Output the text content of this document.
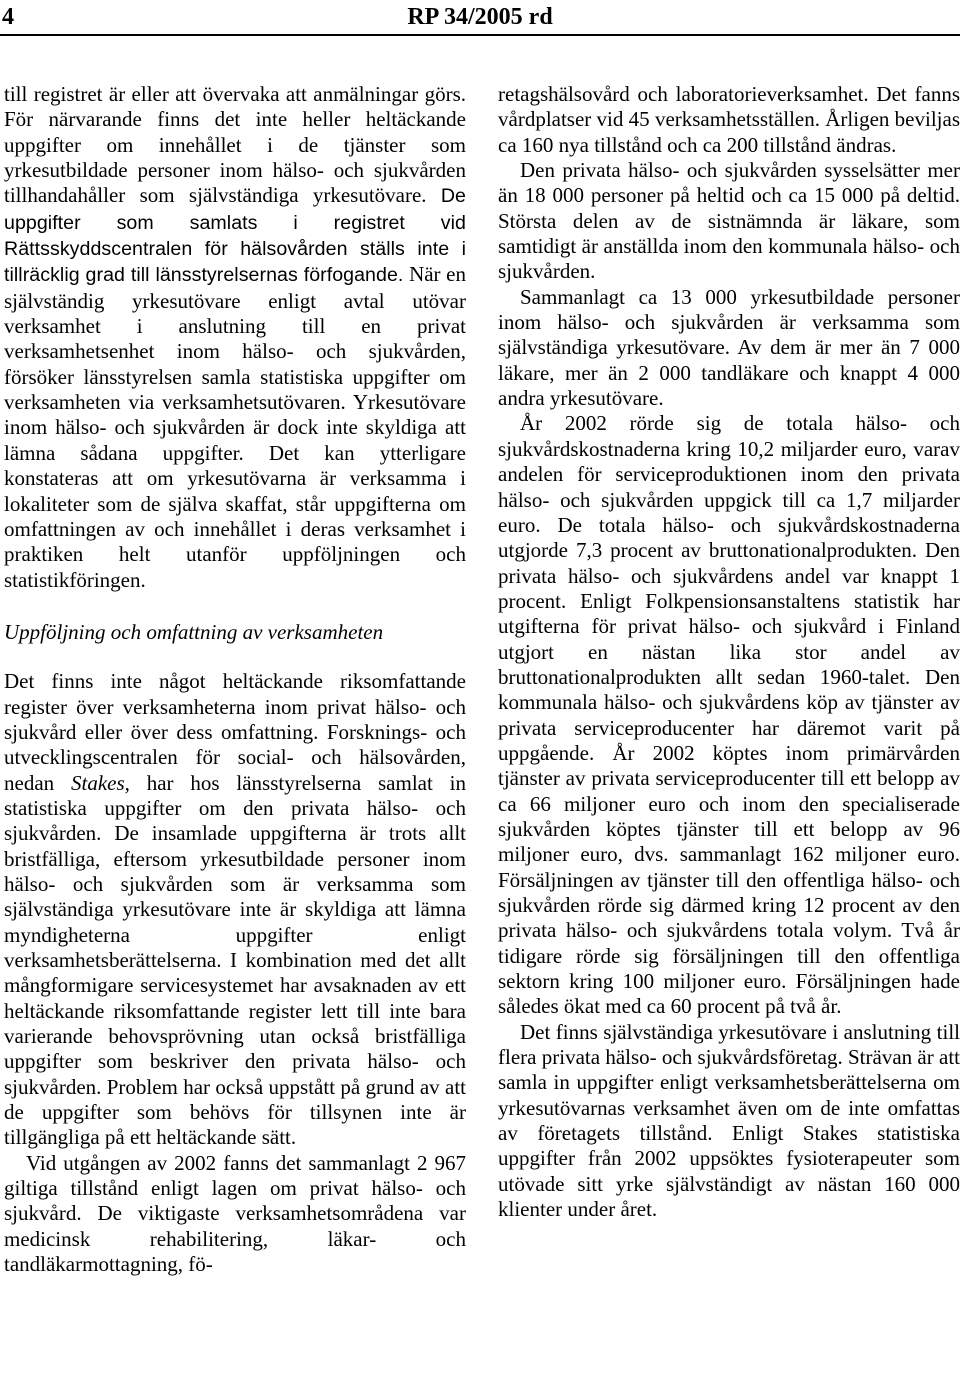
4	RP 34/2005 rd

till registret är eller att övervaka att anmälningar görs. För närvarande finns det inte heller heltäckande uppgifter om innehållet i de tjänster som yrkesutbildade personer inom hälso- och sjukvården tillhandahåller som självständiga yrkesutövare. De uppgifter som samlats i registret vid Rättsskyddscentralen för hälsovården ställs inte i tillräcklig grad till länsstyrelsernas förfogande. När en självständig yrkesutövare enligt avtal utövar verksamhet i anslutning till en privat verksamhetsenhet inom hälso- och sjukvården, försöker länsstyrelsen samla statistiska uppgifter om verksamheten via verksamhetsutövaren. Yrkesutövare inom hälso- och sjukvården är dock inte skyldiga att lämna sådana uppgifter. Det kan ytterligare konstateras att om yrkesutövarna är verksamma i lokaliteter som de själva skaffat, står uppgifterna om omfattningen av och innehållet i deras verksamhet i praktiken helt utanför uppföljningen och statistikföringen.

Uppföljning och omfattning av verksamheten

Det finns inte något heltäckande riksomfattande register över verksamheterna inom privat hälso- och sjukvård eller över dess omfattning. Forsknings- och utvecklingscentralen för social- och hälsovården, nedan Stakes, har hos länsstyrelserna samlat in statistiska uppgifter om den privata hälso- och sjukvården. De insamlade uppgifterna är trots allt bristfälliga, eftersom yrkesutbildade personer inom hälso- och sjukvården som är verksamma som självständiga yrkesutövare inte är skyldiga att lämna myndigheterna uppgifter enligt verksamhetsberättelserna. I kombination med det allt mångformigare servicesystemet har avsaknaden av ett heltäckande riksomfattande register lett till inte bara varierande behovsprövning utan också bristfälliga uppgifter som beskriver den privata hälso- och sjukvården. Problem har också uppstått på grund av att de uppgifter som behövs för tillsynen inte är tillgängliga på ett heltäckande sätt.

Vid utgången av 2002 fanns det sammanlagt 2 967 giltiga tillstånd enligt lagen om privat hälso- och sjukvård. De viktigaste verksamhetsområdena var medicinsk rehabilitering, läkar- och tandläkarmottagning, fö-

retagshälsovård och laboratorieverksamhet. Det fanns vårdplatser vid 45 verksamhetsställen. Årligen beviljas ca 160 nya tillstånd och ca 200 tillstånd ändras.

Den privata hälso- och sjukvården sysselsätter mer än 18 000 personer på heltid och ca 15 000 på deltid. Största delen av de sistnämnda är läkare, som samtidigt är anställda inom den kommunala hälso- och sjukvården.

Sammanlagt ca 13 000 yrkesutbildade personer inom hälso- och sjukvården är verksamma som självständiga yrkesutövare. Av dem är mer än 7 000 läkare, mer än 2 000 tandläkare och knappt 4 000 andra yrkesutövare.

År 2002 rörde sig de totala hälso- och sjukvårdskostnaderna kring 10,2 miljarder euro, varav andelen för serviceproduktionen inom den privata hälso- och sjukvården uppgick till ca 1,7 miljarder euro. De totala hälso- och sjukvårdskostnaderna utgjorde 7,3 procent av bruttonationalprodukten. Den privata hälso- och sjukvårdens andel var knappt 1 procent. Enligt Folkpensionsanstaltens statistik har utgifterna för privat hälso- och sjukvård i Finland utgjort en nästan lika stor andel av bruttonationalprodukten allt sedan 1960-talet. Den kommunala hälso- och sjukvårdens köp av tjänster av privata serviceproducenter har däremot varit på uppgåendе. År 2002 köptes inom primärvården tjänster av privata serviceproducenter till ett belopp av ca 66 miljoner euro och inom den specialiserade sjukvården köptes tjänster till ett belopp av 96 miljoner euro, dvs. sammanlagt 162 miljoner euro. Försäljningen av tjänster till den offentliga hälso- och sjukvården rörde sig därmed kring 12 procent av den privata hälso- och sjukvårdens totala volym. Två år tidigare rörde sig försäljningen till den offentliga sektorn kring 100 miljoner euro. Försäljningen hade således ökat med ca 60 procent på två år.

Det finns självständiga yrkesutövare i anslutning till flera privata hälso- och sjukvårdsföretag. Strävan är att samla in uppgifter enligt verksamhetsberättelserna om yrkesutövarnas verksamhet även om de inte omfattas av företagets tillstånd. Enligt Stakes statistiska uppgifter från 2002 uppsöktes fysioterapeuter som utövade sitt yrke självständigt av nästan 160 000 klienter under året.
